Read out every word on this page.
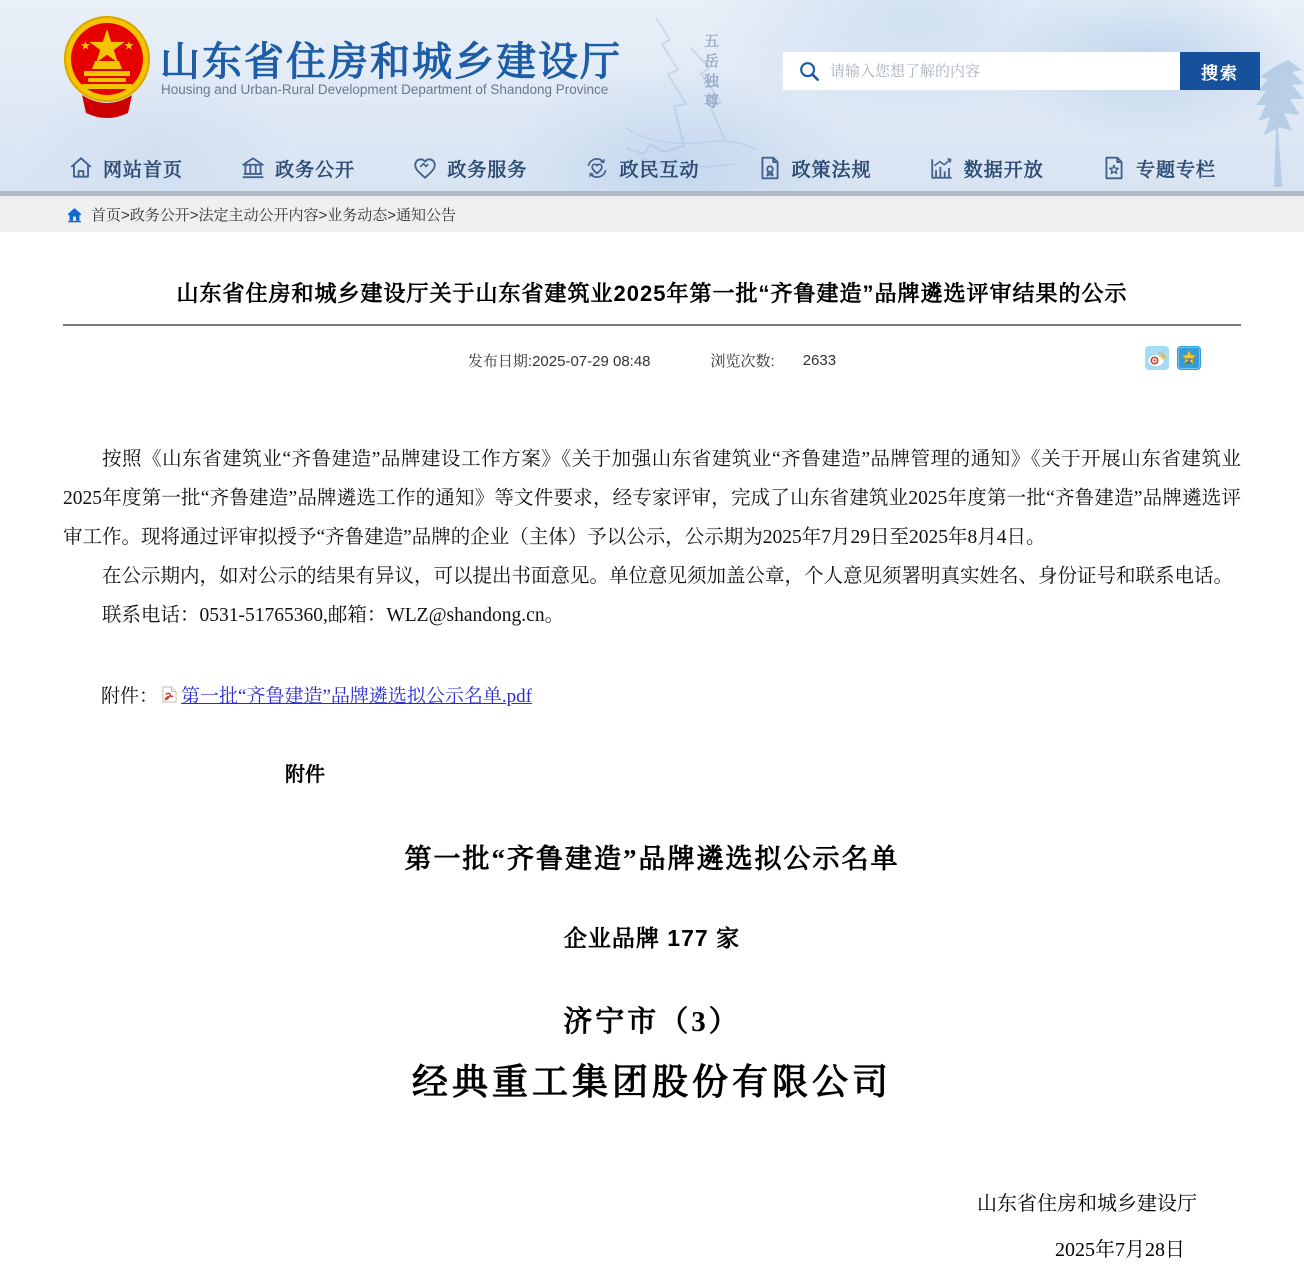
五
岳
独
尊
山东省住房和城乡建设厅
Housing and Urban-Rural Development Department of Shandong Province
请输入您想了解的内容
搜索
网站首页	政务公开	政务服务	政民互动	政策法规	数据开放	专题专栏
首页>政务公开>法定主动公开内容>业务动态>通知公告
山东省住房和城乡建设厅关于山东省建筑业2025年第一批“齐鲁建造”品牌遴选评审结果的公示
发布日期:2025-07-29 08:48	浏览次数: 2633

按照《山东省建筑业“齐鲁建造”品牌建设工作方案》《关于加强山东省建筑业“齐鲁建造”品牌管理的通知》《关于开展山东省建筑业2025年度第一批“齐鲁建造”品牌遴选工作的通知》等文件要求，经专家评审，完成了山东省建筑业2025年度第一批“齐鲁建造”品牌遴选评审工作。现将通过评审拟授予“齐鲁建造”品牌的企业（主体）予以公示，公示期为2025年7月29日至2025年8月4日。

在公示期内，如对公示的结果有异议，可以提出书面意见。单位意见须加盖公章，个人意见须署明真实姓名、身份证号和联系电话。

联系电话：0531-51765360,邮箱：WLZ@shandong.cn。

附件： 第一批“齐鲁建造”品牌遴选拟公示名单.pdf
附件
第一批“齐鲁建造”品牌遴选拟公示名单
企业品牌 177 家
济宁市（3）
经典重工集团股份有限公司
山东省住房和城乡建设厅
2025年7月28日
